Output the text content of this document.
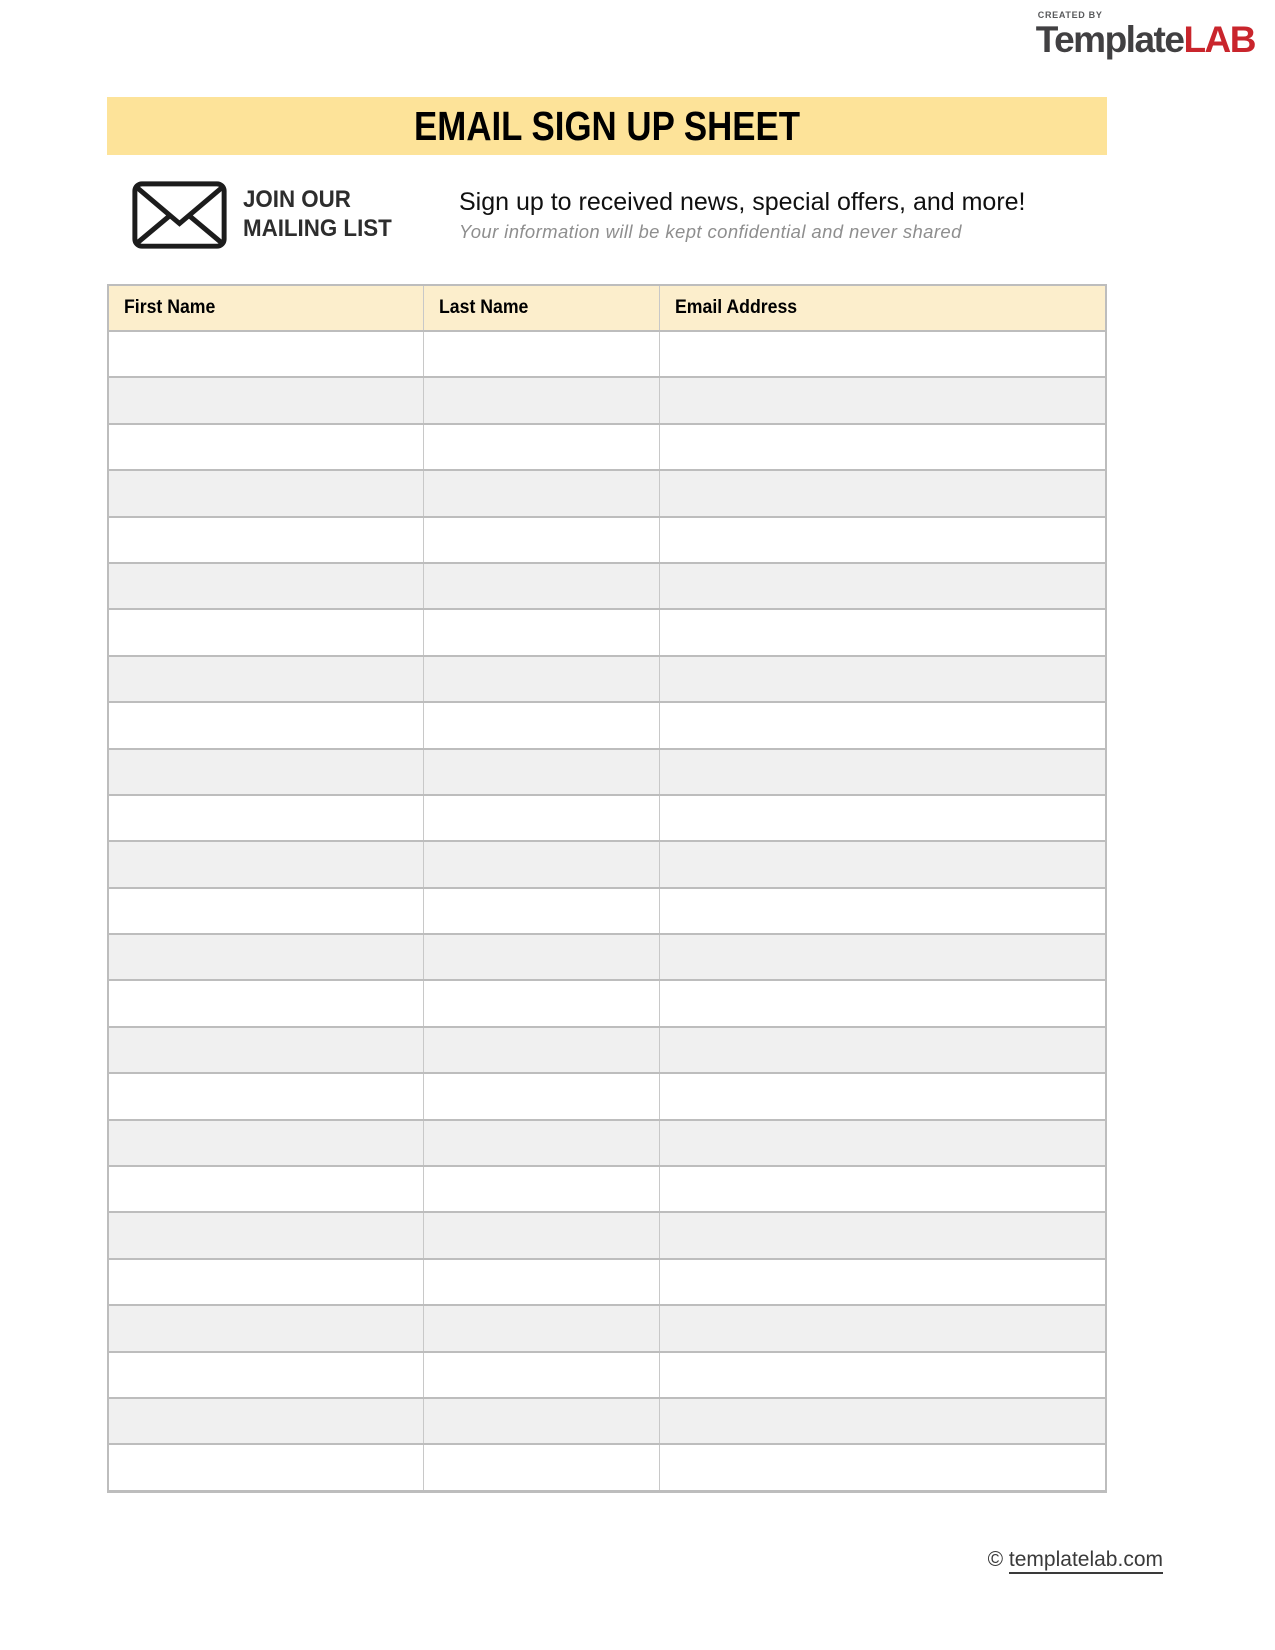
CREATED BY
TemplateLAB
EMAIL SIGN UP SHEET
JOIN OUR
MAILING LIST
Sign up to received news, special offers, and more!
Your information will be kept confidential and never shared
First Name	Last Name	Email Address

© templatelab.com
